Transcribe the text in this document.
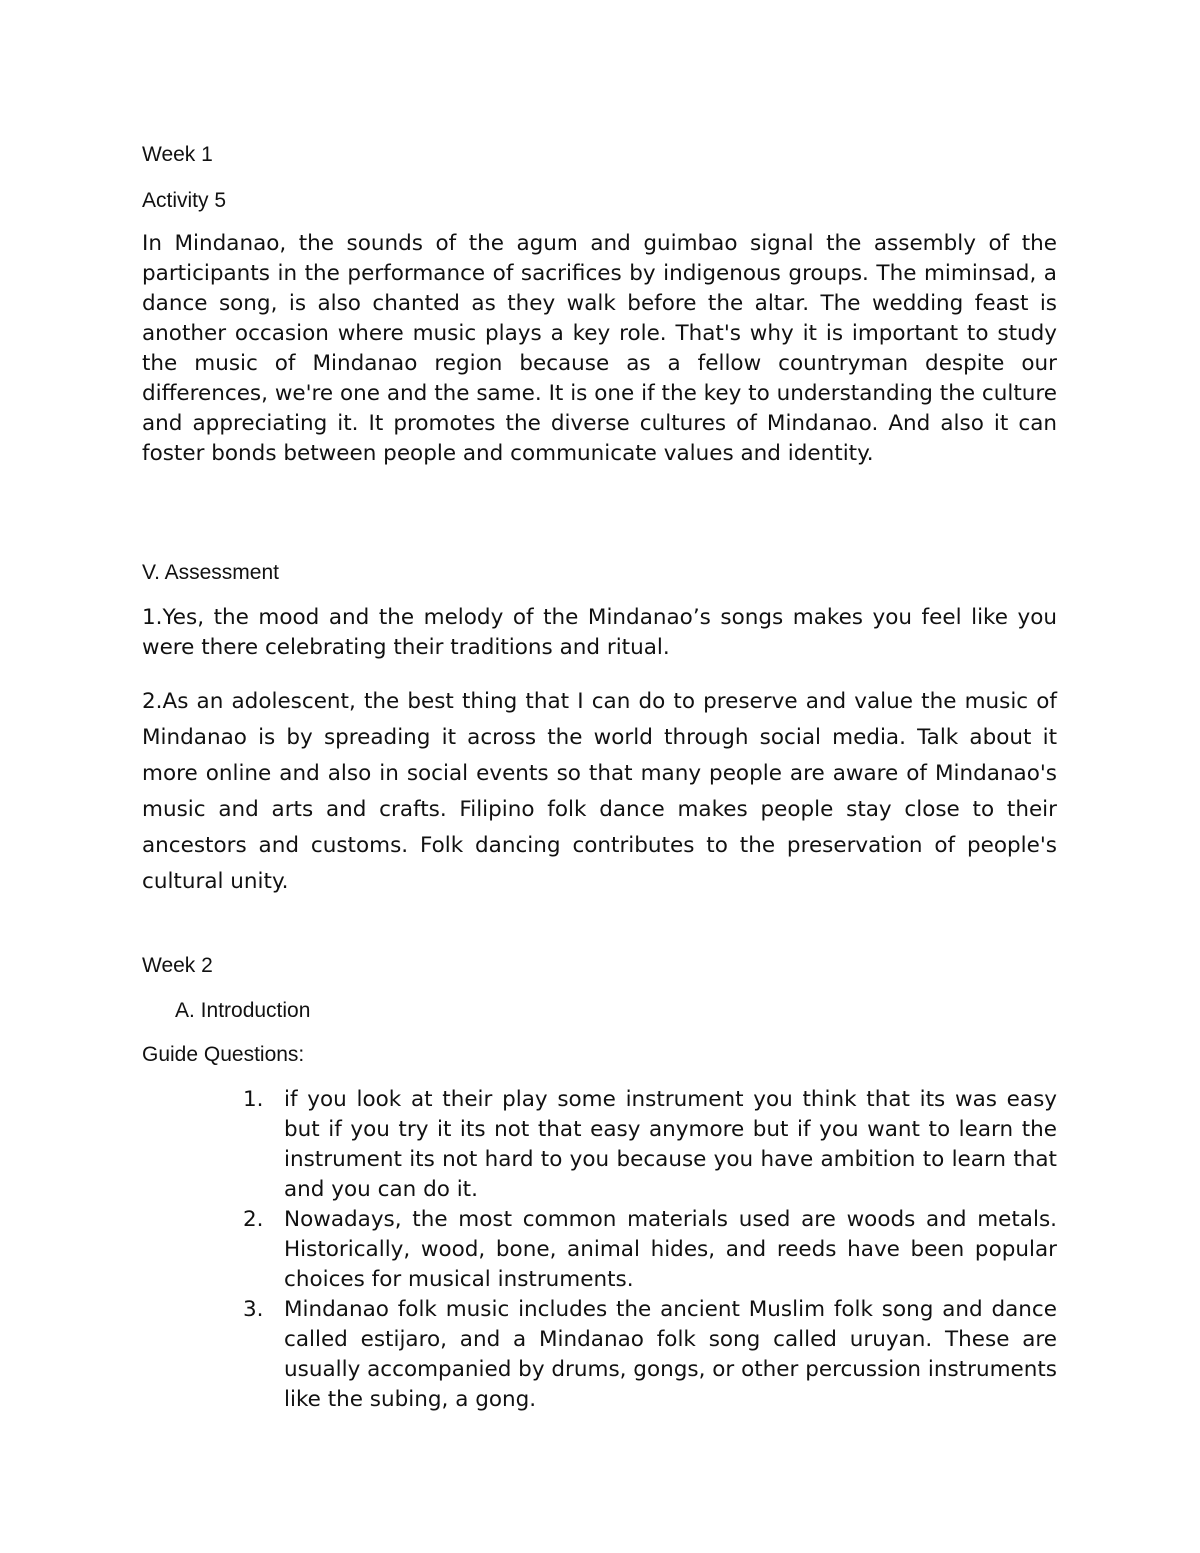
Week 1
Activity 5
In Mindanao, the sounds of the agum and guimbao signal the assembly of the participants in the performance of sacrifices by indigenous groups. The miminsad, a dance song, is also chanted as they walk before the altar. The wedding feast is another occasion where music plays a key role. That's why it is important to study the music of Mindanao region because as a fellow countryman despite our differences, we're one and the same. It is one if the key to understanding the culture and appreciating it. It promotes the diverse cultures of Mindanao. And also it can foster bonds between people and communicate values and identity.
V. Assessment
1.Yes, the mood and the melody of the Mindanao’s songs makes you feel like you were there celebrating their traditions and ritual.
2.As an adolescent, the best thing that I can do to preserve and value the music of Mindanao is by spreading it across the world through social media. Talk about it more online and also in social events so that many people are aware of Mindanao's music and arts and crafts. Filipino folk dance makes people stay close to their ancestors and customs. Folk dancing contributes to the preservation of people's cultural unity.
Week 2
A. Introduction
Guide Questions:
1. if you look at their play some instrument you think that its was easy but if you try it its not that easy anymore but if you want to learn the instrument its not hard to you because you have ambition to learn that and you can do it.
2. Nowadays, the most common materials used are woods and metals. Historically, wood, bone, animal hides, and reeds have been popular choices for musical instruments.
3. Mindanao folk music includes the ancient Muslim folk song and dance called estijaro, and a Mindanao folk song called uruyan. These are usually accompanied by drums, gongs, or other percussion instruments like the subing, a gong.
